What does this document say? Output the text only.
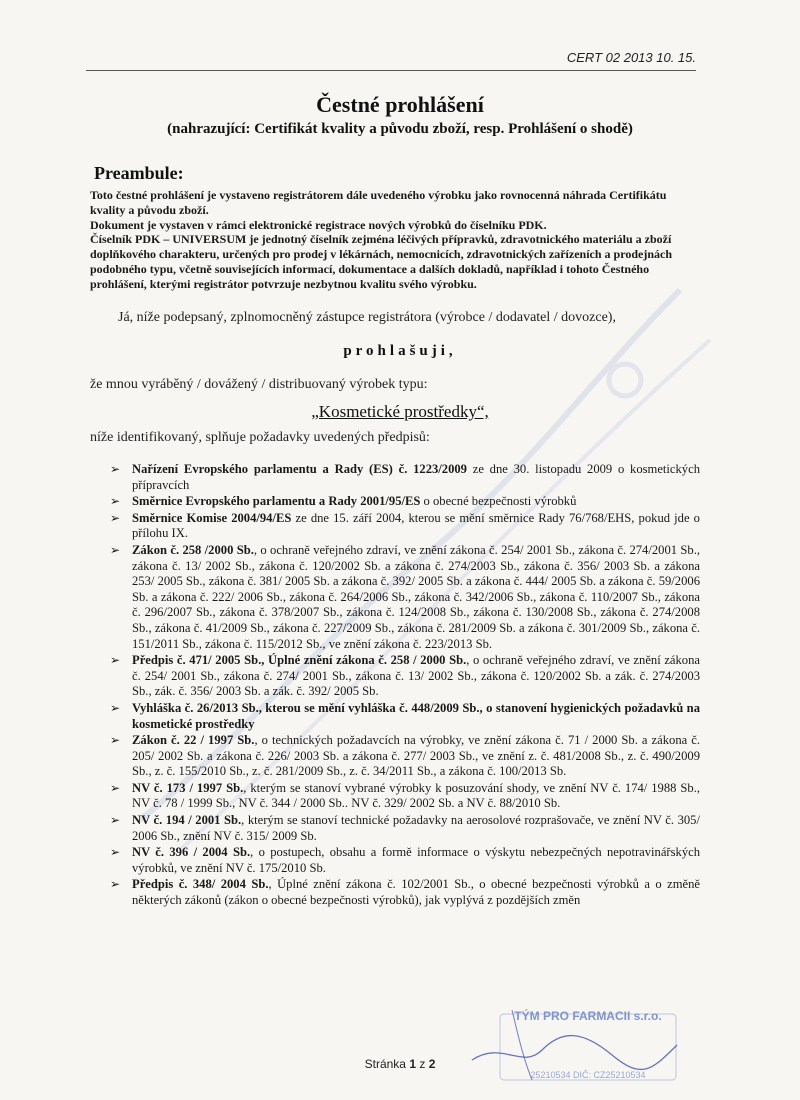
CERT 02 2013 10. 15.
Čestné prohlášení
(nahrazující: Certifikát kvality a původu zboží, resp. Prohlášení o shodě)
Preambule:

Toto čestné prohlášení je vystaveno registrátorem dále uvedeného výrobku jako rovnocenná náhrada Certifikátu kvality a původu zboží.

Dokument je vystaven v rámci elektronické registrace nových výrobků do číselníku PDK.

Číselník PDK – UNIVERSUM je jednotný číselník zejména léčivých přípravků, zdravotnického materiálu a zboží doplňkového charakteru, určených pro prodej v lékárnách, nemocnicích, zdravotnických zařízeních a prodejnách podobného typu, včetně souvisejících informací, dokumentace a dalších dokladů, například i tohoto Čestného prohlášení, kterými registrátor potvrzuje nezbytnou kvalitu svého výrobku.

Já, níže podepsaný, zplnomocněný zástupce registrátora (výrobce / dodavatel / dovozce),
prohlašuji,
že mnou vyráběný / dovážený / distribuovaný výrobek typu:
„Kosmetické prostředky“,
níže identifikovaný, splňuje požadavky uvedených předpisů:
➢ Nařízení Evropského parlamentu a Rady (ES) č. 1223/2009 ze dne 30. listopadu 2009 o kosmetických přípravcích
➢ Směrnice Evropského parlamentu a Rady 2001/95/ES o obecné bezpečnosti výrobků
➢ Směrnice Komise 2004/94/ES ze dne 15. září 2004, kterou se mění směrnice Rady 76/768/EHS, pokud jde o přílohu IX.
➢ Zákon č. 258 /2000 Sb., o ochraně veřejného zdraví, ve znění zákona č. 254/ 2001 Sb., zákona č. 274/2001 Sb., zákona č. 13/ 2002 Sb., zákona č. 120/2002 Sb. a zákona č. 274/2003 Sb., zákona č. 356/ 2003 Sb. a zákona 253/ 2005 Sb., zákona č. 381/ 2005 Sb. a zákona č. 392/ 2005 Sb. a zákona č. 444/ 2005 Sb. a zákona č. 59/2006 Sb. a zákona č. 222/ 2006 Sb., zákona č. 264/2006 Sb., zákona č. 342/2006 Sb., zákona č. 110/2007 Sb., zákona č. 296/2007 Sb., zákona č. 378/2007 Sb., zákona č. 124/2008 Sb., zákona č. 130/2008 Sb., zákona č. 274/2008 Sb., zákona č. 41/2009 Sb., zákona č. 227/2009 Sb., zákona č. 281/2009 Sb. a zákona č. 301/2009 Sb., zákona č. 151/2011 Sb., zákona č. 115/2012 Sb., ve znění zákona č. 223/2013 Sb.
➢ Předpis č. 471/ 2005 Sb., Úplné znění zákona č. 258 / 2000 Sb., o ochraně veřejného zdraví, ve znění zákona č. 254/ 2001 Sb., zákona č. 274/ 2001 Sb., zákona č. 13/ 2002 Sb., zákona č. 120/2002 Sb. a zák. č. 274/2003 Sb., zák. č. 356/ 2003 Sb. a zák. č. 392/ 2005 Sb.
➢ Vyhláška č. 26/2013 Sb., kterou se mění vyhláška č. 448/2009 Sb., o stanovení hygienických požadavků na kosmetické prostředky
➢ Zákon č. 22 / 1997 Sb., o technických požadavcích na výrobky, ve znění zákona č. 71 / 2000 Sb. a zákona č. 205/ 2002 Sb. a zákona č. 226/ 2003 Sb. a zákona č. 277/ 2003 Sb., ve znění z. č. 481/2008 Sb., z. č. 490/2009 Sb., z. č. 155/2010 Sb., z. č. 281/2009 Sb., z. č. 34/2011 Sb., a zákona č. 100/2013 Sb.
➢ NV č. 173 / 1997 Sb., kterým se stanoví vybrané výrobky k posuzování shody, ve znění NV č. 174/ 1988 Sb., NV č. 78 / 1999 Sb., NV č. 344 / 2000 Sb.. NV č. 329/ 2002 Sb. a NV č. 88/2010 Sb.
➢ NV č. 194 / 2001 Sb., kterým se stanoví technické požadavky na aerosolové rozprašovače, ve znění NV č. 305/ 2006 Sb., znění NV č. 315/ 2009 Sb.
➢ NV č. 396 / 2004 Sb., o postupech, obsahu a formě informace o výskytu nebezpečných nepotravinářských výrobků, ve znění NV č. 175/2010 Sb.
➢ Předpis č. 348/ 2004 Sb., Úplné znění zákona č. 102/2001 Sb., o obecné bezpečnosti výrobků a o změně některých zákonů (zákon o obecné bezpečnosti výrobků), jak vyplývá z pozdějších změn
Stránka 1 z 2
TÝM PRO FARMACII s.r.o.
25210534 DIČ: CZ25210534
